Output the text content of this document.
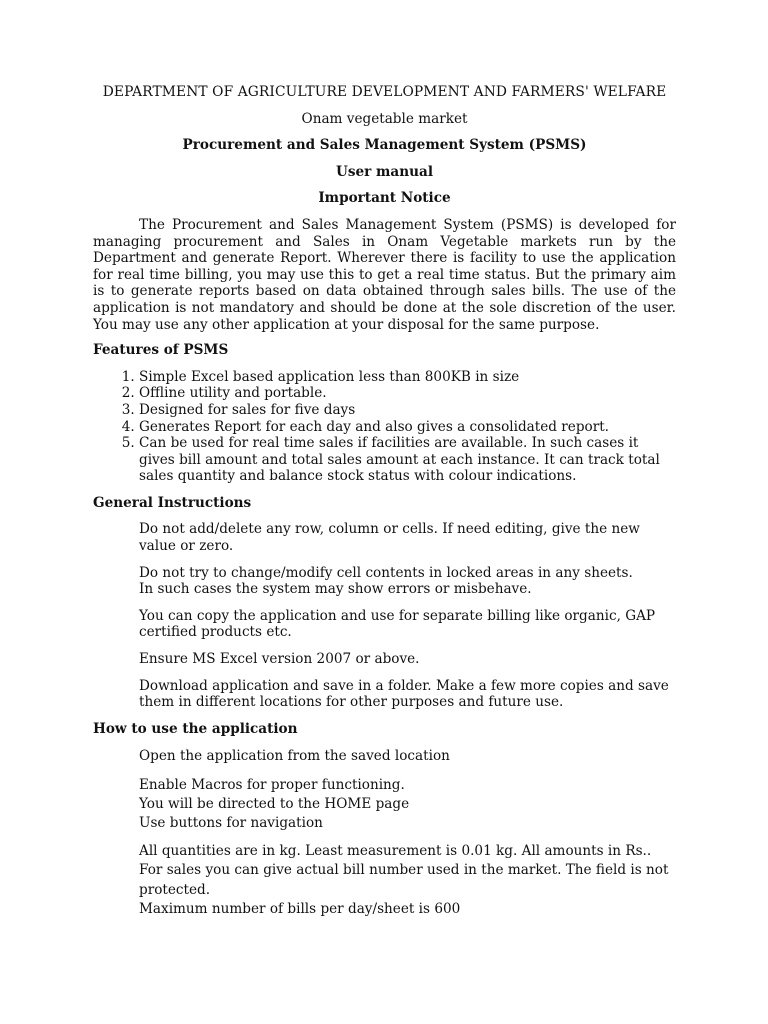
DEPARTMENT OF AGRICULTURE DEVELOPMENT AND FARMERS' WELFARE
Onam vegetable market
Procurement and Sales Management System (PSMS)
User manual
Important Notice

The Procurement and Sales Management System (PSMS) is developed for managing procurement and Sales in Onam Vegetable markets run by the Department and generate Report. Wherever there is facility to use the application for real time billing, you may use this to get a real time status. But the primary aim is to generate reports based on data obtained through sales bills. The use of the application is not mandatory and should be done at the sole discretion of the user. You may use any other application at your disposal for the same purpose.

Features of PSMS
1. Simple Excel based application less than 800KB in size
2. Offline utility and portable.
3. Designed for sales for five days
4. Generates Report for each day and also gives a consolidated report.
5. Can be used for real time sales if facilities are available. In such cases it gives bill amount and total sales amount at each instance. It can track total sales quantity and balance stock status with colour indications.
General Instructions

Do not add/delete any row, column or cells. If need editing, give the new value or zero.

Do not try to change/modify cell contents in locked areas in any sheets.

In such cases the system may show errors or misbehave.

You can copy the application and use for separate billing like organic, GAP certified products etc.

Ensure MS Excel version 2007 or above.

Download application and save in a folder. Make a few more copies and save them in different locations for other purposes and future use.

How to use the application

Open the application from the saved location

Enable Macros for proper functioning.

You will be directed to the HOME page

Use buttons for navigation

All quantities are in kg. Least measurement is 0.01 kg. All amounts in Rs.. For sales you can give actual bill number used in the market. The field is not protected.

Maximum number of bills per day/sheet is 600
